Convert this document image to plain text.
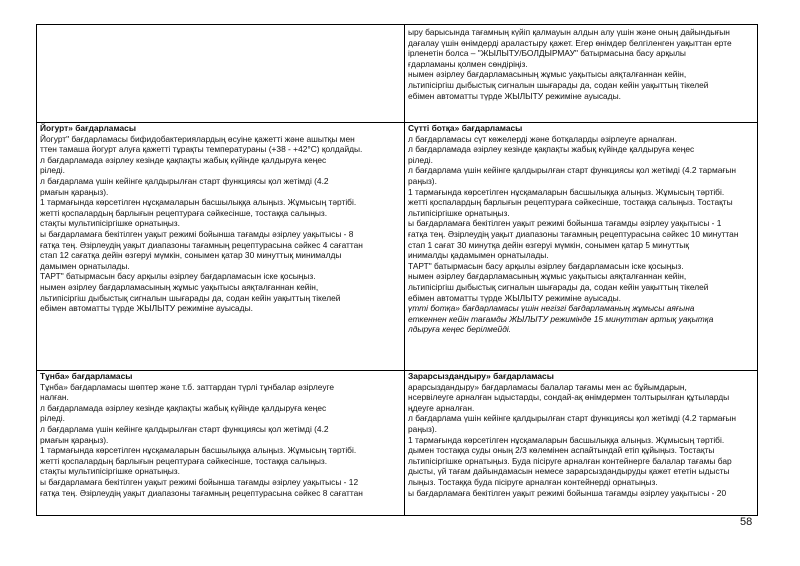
ыру барысында тағамның күйіп қалмауын алдын алу үшін және оның дайындығын
дағалау үшін өнімдерді араластыру қажет. Егер өнімдер белгіленген уақыттан ерте
ірленетін болса – "ЖЫЛЫТУ/БОЛДЫРМАУ" батырмасына басу арқылы
ғдарламаны қолмен сөндіріңіз.
нымен әзірлеу бағдарламасының жұмыс уақытысы аяқталғаннан кейін,
льтипісіргіш дыбыстық сигналын шығарады да, содан кейін уақыттың тікелей
ебімен автоматты түрде ЖЫЛЫТУ режиміне ауысады.
Йогурт» бағдарламасы
Йогурт" бағдарламасы бифидобактериялардың өсуіне қажетті және ашытқы мен
ттен тамаша йогурт алуға қажетті тұрақты температураны (+38 - +42°С) қолдайды.
л бағдарламада әзірлеу кезінде қақпақты жабық күйінде қалдыруға кеңес
ріледі.
л бағдарлама үшін кейінге қалдырылған старт функциясы қол жетімді (4.2
рмағын қараңыз).
1 тармағында көрсетілген нұсқамаларын басшылыққа алыңыз. Жұмысың тәртібі.
жетті қоспалардың барлығын рецептураға сәйкесінше, тостаққа салыңыз.
стақты мультипісіргішке орнатыңыз.
ы бағдарламаға бекітілген уақыт режимі бойынша тағамды әзірлеу уақытысы - 8
ғатқа тең. Әзірлеудің уақыт диапазоны тағамның рецептурасына сәйкес 4 сағаттан
стап 12 сағатқа дейін өзгеруі мүмкін, сонымен қатар 30 минуттық минималды
дамымен орнатылады.
ТАРТ" батырмасын басу арқылы әзірлеу бағдарламасын іске қосыңыз.
нымен әзірлеу бағдарламасының жұмыс уақытысы аяқталғаннан кейін,
льтипісіргіш дыбыстық сигналын шығарады да, содан кейін уақыттың тікелей
ебімен автоматты түрде ЖЫЛЫТУ режиміне ауысады.
Сүтті ботқа» бағдарламасы
л бағдарламасы сүт көжелерді және ботқаларды әзірлеуге арналған.
л бағдарламада әзірлеу кезінде қақпақты жабық күйінде қалдыруға кеңес
ріледі.
л бағдарлама үшін кейінге қалдырылған старт функциясы қол жетімді (4.2 тармағын
раңыз).
1 тармағында көрсетілген нұсқамаларын басшылыққа алыңыз. Жұмысың тәртібі.
жетті қоспалардың барлығын рецептураға сәйкесінше, тостаққа салыңыз. Тостақты
льтипісіргішке орнатыңыз.
ы бағдарламаға бекітілген уақыт режимі бойынша тағамды әзірлеу уақытысы - 1
ғатқа тең. Әзірлеудің уақыт диапазоны тағамның рецептурасына сәйкес 10 минуттан
стап 1 сағат 30 минутқа дейін өзгеруі мүмкін, сонымен қатар 5 минуттық
инималды қадамымен орнатылады.
ТАРТ" батырмасын басу арқылы әзірлеу бағдарламасын іске қосыңыз.
нымен әзірлеу бағдарламасының жұмыс уақытысы аяқталғаннан кейін,
льтипісіргіш дыбыстық сигналын шығарады да, содан кейін уақыттың тікелей
ебімен автоматты түрде ЖЫЛЫТУ режиміне ауысады.
үтті ботқа» бағдарламасы үшін негізгі бағдарламаның жұмысы аяғына
еткеннен кейін тағамды ЖЫЛЫТУ режимінде 15 минуттан артық уақытқа
лдыруға кеңес берілмейді.
Тұнба» бағдарламасы
Тұнба» бағдарламасы шөптер және т.б. заттардан түрлі тұнбалар әзірлеуге
налған.
л бағдарламада әзірлеу кезінде қақпақты жабық күйінде қалдыруға кеңес
ріледі.
л бағдарлама үшін кейінге қалдырылған старт функциясы қол жетімді (4.2
рмағын қараңыз).
1 тармағында көрсетілген нұсқамаларын басшылыққа алыңыз. Жұмысың тәртібі.
жетті қоспалардың барлығын рецептураға сәйкесінше, тостаққа салыңыз.
стақты мультипісіргішке орнатыңыз.
ы бағдарламаға бекітілген уақыт режимі бойынша тағамды әзірлеу уақытысы - 12
ғатқа тең. Әзірлеудің уақыт диапазоны тағамның рецептурасына сәйкес 8 сағаттан
Зарарсыздандыру» бағдарламасы
арарсыздандыру» бағдарламасы балалар тағамы мен ас бұйымдарын,
нсервілеуге арналған ыдыстарды, сондай-ақ өнімдермен толтырылған құтыларды
ңдеуге арналған.
л бағдарлама үшін кейінге қалдырылған старт функциясы қол жетімді (4.2 тармағын
раңыз).
1 тармағында көрсетілген нұсқамаларын басшылыққа алыңыз. Жұмысың тәртібі.
дымен тостаққа суды оның 2/3 көлемінен аспайтындай етіп құйыңыз. Тостақты
льтипісіргішке орнатыңыз. Буда пісіруге арналған контейнерге балалар тағамы бар
дысты, үй тағам дайындамасын немесе зарарсыздандыруды қажет ететін ыдысты
лыңыз. Тостаққа буда пісіруге арналған контейнерді орнатыңыз.
ы бағдарламаға бекітілген уақыт режимі бойынша тағамды әзірлеу уақытысы - 20
58
